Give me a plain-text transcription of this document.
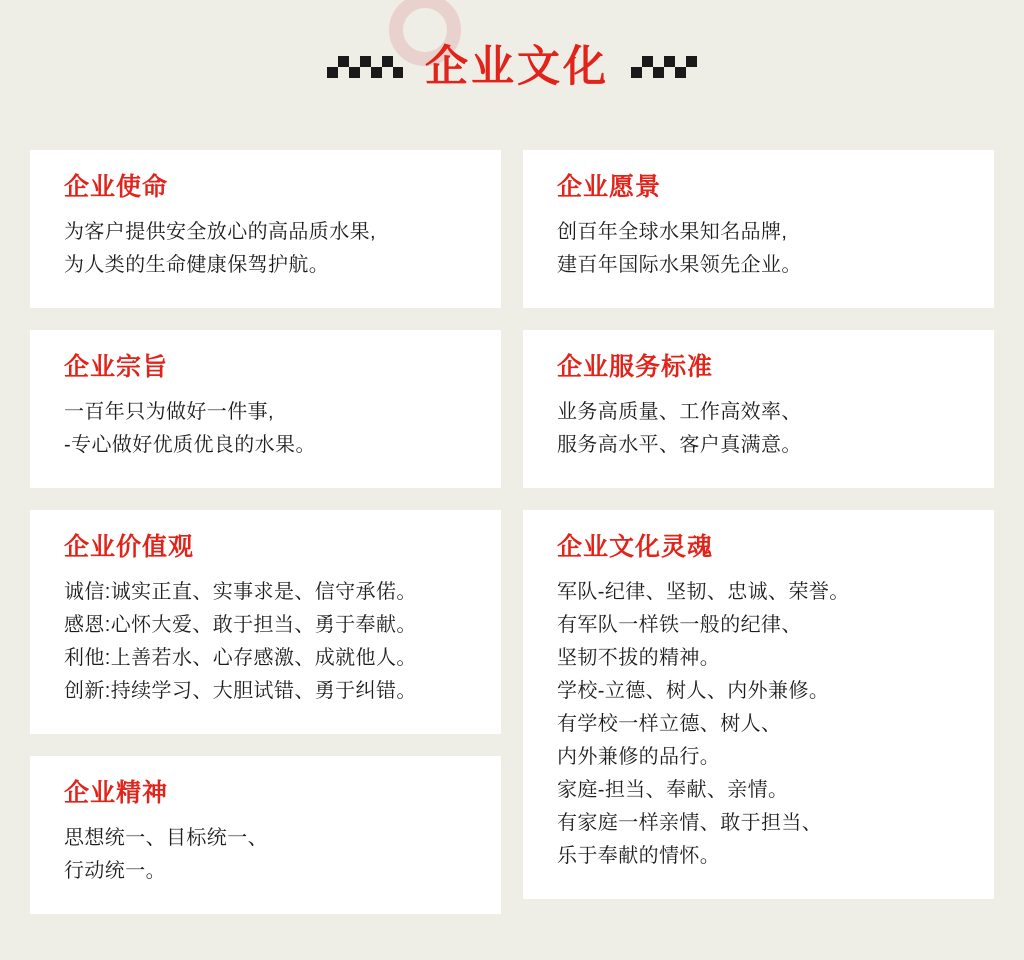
企业文化
企业使命
为客户提供安全放心的高品质水果,
为人类的生命健康保驾护航。
企业宗旨
一百年只为做好一件事,
-专心做好优质优良的水果。
企业价值观
诚信:诚实正直、实事求是、信守承偌。
感恩:心怀大爱、敢于担当、勇于奉献。
利他:上善若水、心存感激、成就他人。
创新:持续学习、大胆试错、勇于纠错。
企业精神
思想统一、目标统一、
行动统一。
企业愿景
创百年全球水果知名品牌,
建百年国际水果领先企业。
企业服务标准
业务高质量、工作高效率、
服务高水平、客户真满意。
企业文化灵魂
军队-纪律、坚韧、忠诚、荣誉。
有军队一样铁一般的纪律、
坚韧不拔的精神。
学校-立德、树人、内外兼修。
有学校一样立德、树人、
内外兼修的品行。
家庭-担当、奉献、亲情。
有家庭一样亲情、敢于担当、
乐于奉献的情怀。
